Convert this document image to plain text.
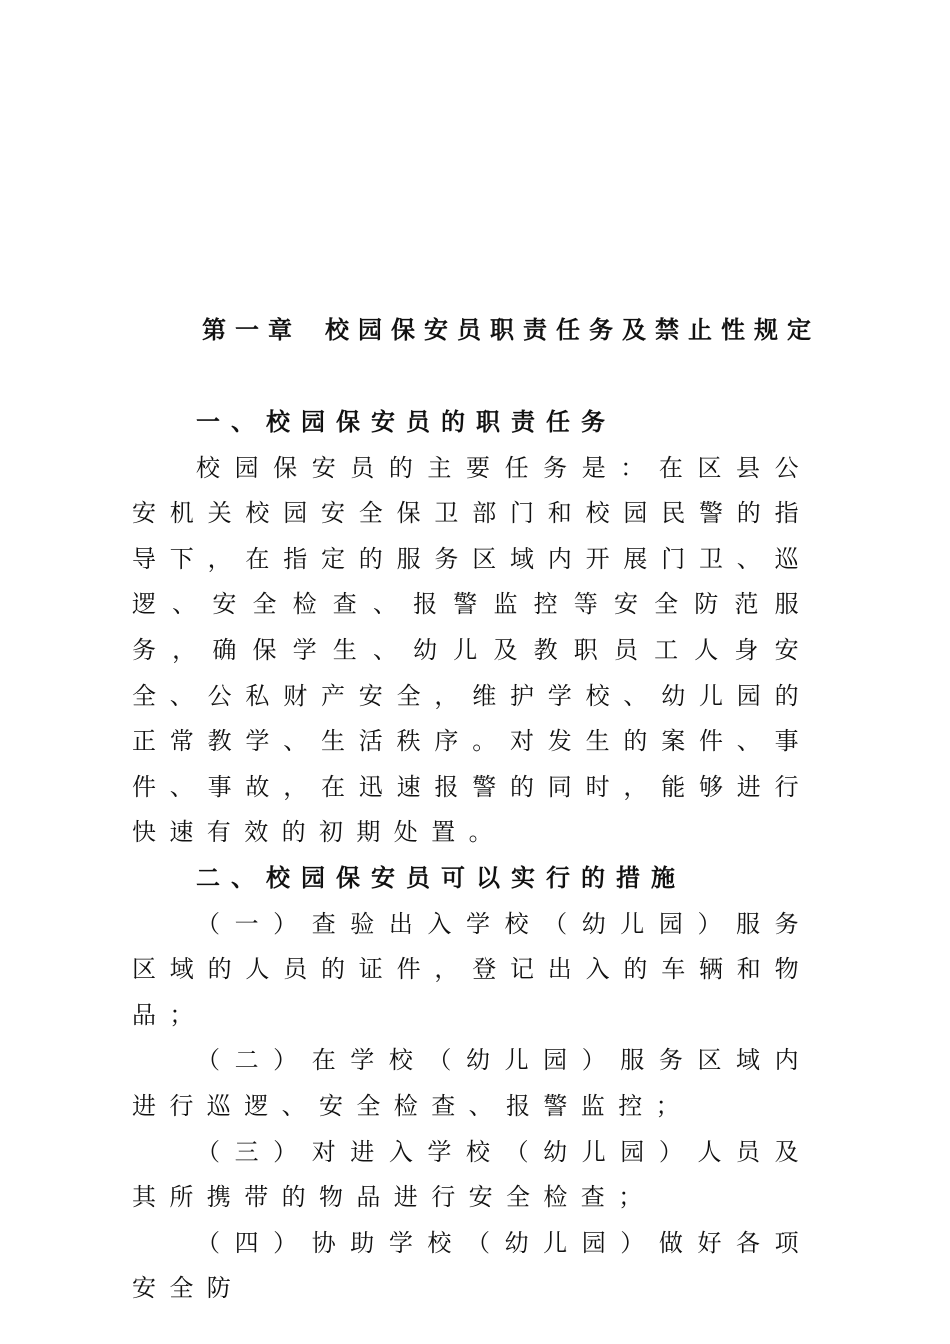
第一章 校园保安员职责任务及禁止性规定

一、校园保安员的职责任务

校园保安员的主要任务是：在区县公安机关校园安全保卫部门和校园民警的指导下，在指定的服务区域内开展门卫、巡逻、安全检查、报警监控等安全防范服务，确保学生、幼儿及教职员工人身安全、公私财产安全，维护学校、幼儿园的正常教学、生活秩序。对发生的案件、事件、事故，在迅速报警的同时，能够进行快速有效的初期处置。

二、校园保安员可以实行的措施

（一）查验出入学校（幼儿园）服务区域的人员的证件，登记出入的车辆和物品；

（二）在学校（幼儿园）服务区域内进行巡逻、安全检查、报警监控；

（三）对进入学校（幼儿园）人员及其所携带的物品进行安全检查；

（四）协助学校（幼儿园）做好各项安全防
